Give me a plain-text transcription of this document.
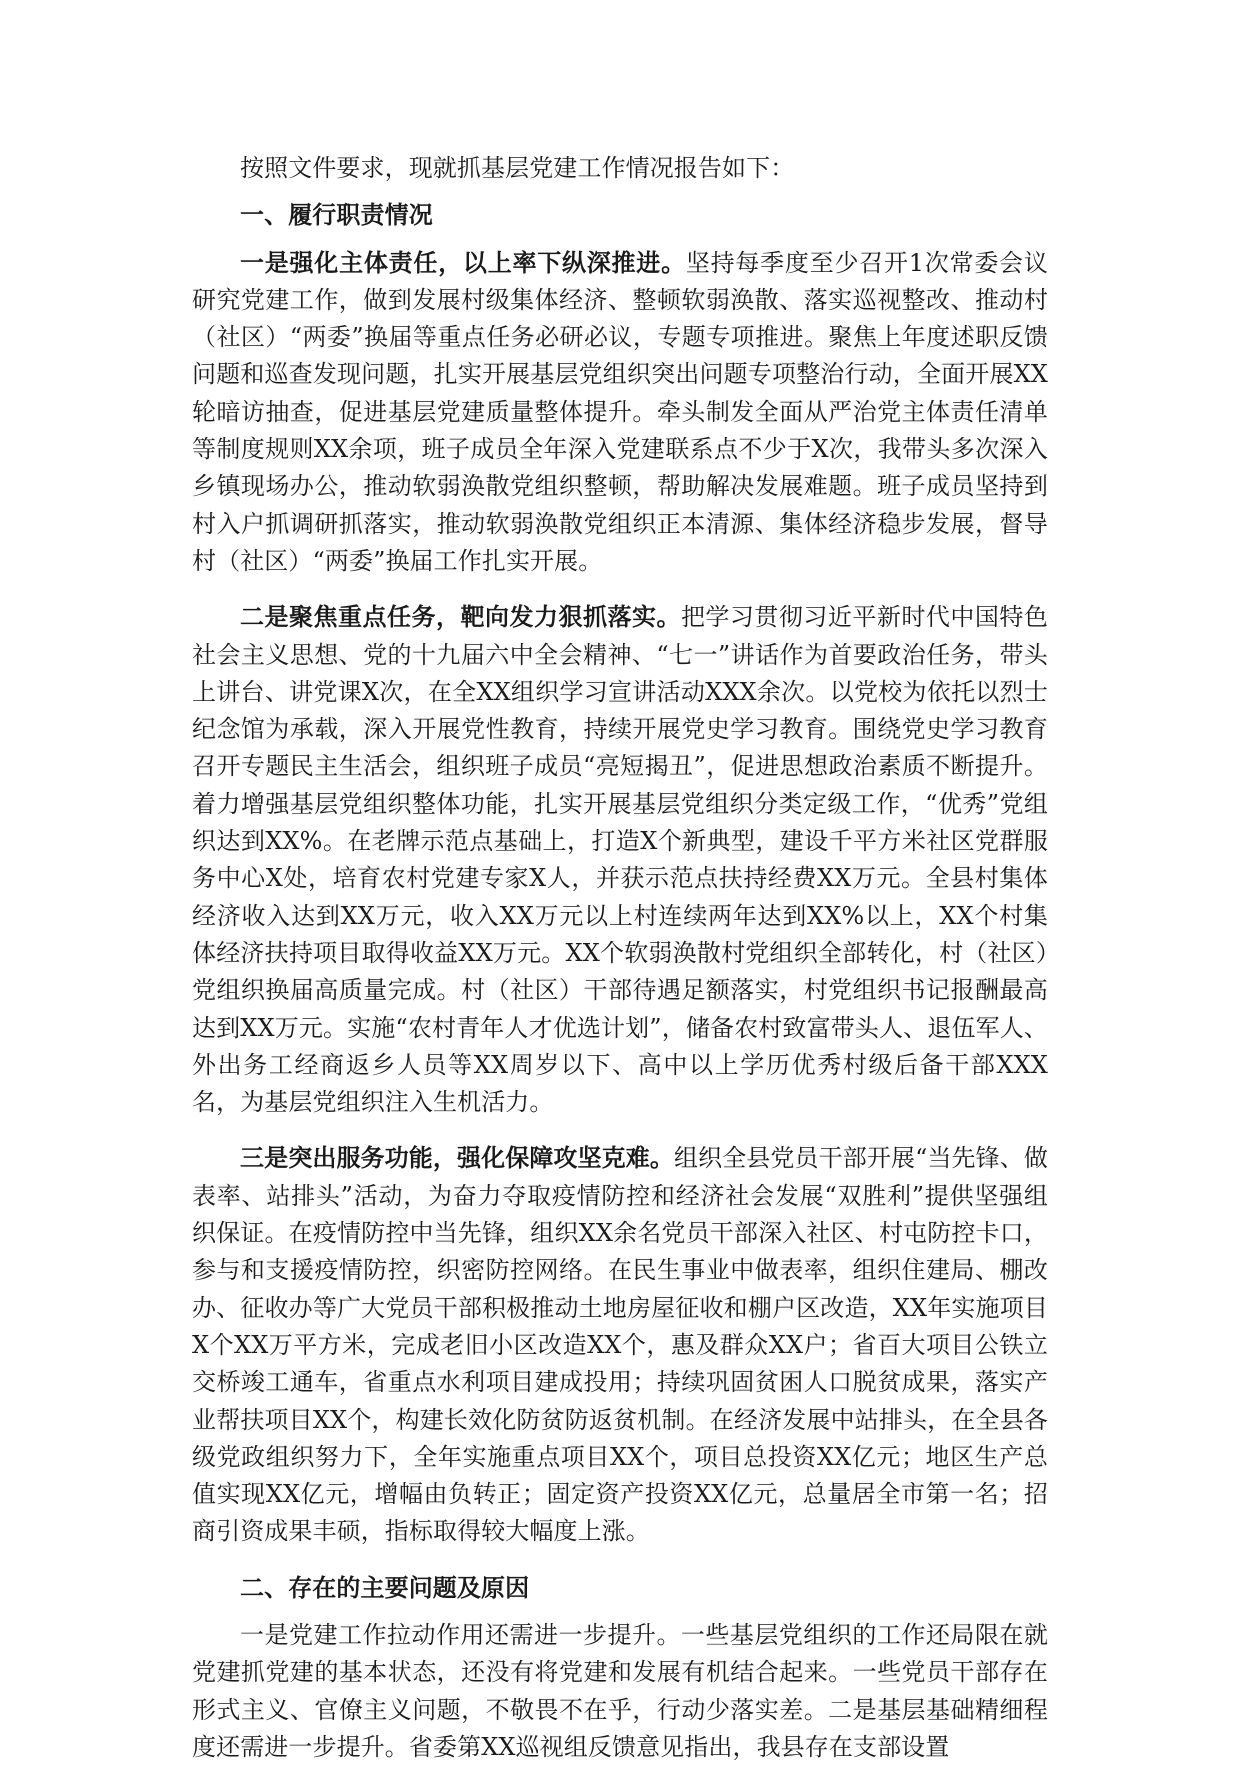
按照文件要求，现就抓基层党建工作情况报告如下：

一、履行职责情况

一是强化主体责任，以上率下纵深推进。坚持每季度至少召开1次常委会议研究党建工作，做到发展村级集体经济、整顿软弱涣散、落实巡视整改、推动村（社区）“两委”换届等重点任务必研必议，专题专项推进。聚焦上年度述职反馈问题和巡查发现问题，扎实开展基层党组织突出问题专项整治行动，全面开展XX轮暗访抽查，促进基层党建质量整体提升。牵头制发全面从严治党主体责任清单等制度规则XX余项，班子成员全年深入党建联系点不少于X次，我带头多次深入乡镇现场办公，推动软弱涣散党组织整顿，帮助解决发展难题。班子成员坚持到村入户抓调研抓落实，推动软弱涣散党组织正本清源、集体经济稳步发展，督导村（社区）“两委”换届工作扎实开展。

二是聚焦重点任务，靶向发力狠抓落实。把学习贯彻习近平新时代中国特色社会主义思想、党的十九届六中全会精神、“七一”讲话作为首要政治任务，带头上讲台、讲党课X次，在全XX组织学习宣讲活动XXX余次。以党校为依托以烈士纪念馆为承载，深入开展党性教育，持续开展党史学习教育。围绕党史学习教育召开专题民主生活会，组织班子成员“亮短揭丑”，促进思想政治素质不断提升。着力增强基层党组织整体功能，扎实开展基层党组织分类定级工作，“优秀”党组织达到XX%。在老牌示范点基础上，打造X个新典型，建设千平方米社区党群服务中心X处，培育农村党建专家X人，并获示范点扶持经费XX万元。全县村集体经济收入达到XX万元，收入XX万元以上村连续两年达到XX%以上，XX个村集体经济扶持项目取得收益XX万元。XX个软弱涣散村党组织全部转化，村（社区）党组织换届高质量完成。村（社区）干部待遇足额落实，村党组织书记报酬最高达到XX万元。实施“农村青年人才优选计划”，储备农村致富带头人、退伍军人、外出务工经商返乡人员等XX周岁以下、高中以上学历优秀村级后备干部XXX名，为基层党组织注入生机活力。

三是突出服务功能，强化保障攻坚克难。组织全县党员干部开展“当先锋、做表率、站排头”活动，为奋力夺取疫情防控和经济社会发展“双胜利”提供坚强组织保证。在疫情防控中当先锋，组织XX余名党员干部深入社区、村屯防控卡口，参与和支援疫情防控，织密防控网络。在民生事业中做表率，组织住建局、棚改办、征收办等广大党员干部积极推动土地房屋征收和棚户区改造，XX年实施项目X个XX万平方米，完成老旧小区改造XX个，惠及群众XX户；省百大项目公铁立交桥竣工通车，省重点水利项目建成投用；持续巩固贫困人口脱贫成果，落实产业帮扶项目XX个，构建长效化防贫防返贫机制。在经济发展中站排头，在全县各级党政组织努力下，全年实施重点项目XX个，项目总投资XX亿元；地区生产总值实现XX亿元，增幅由负转正；固定资产投资XX亿元，总量居全市第一名；招商引资成果丰硕，指标取得较大幅度上涨。

二、存在的主要问题及原因

一是党建工作拉动作用还需进一步提升。一些基层党组织的工作还局限在就党建抓党建的基本状态，还没有将党建和发展有机结合起来。一些党员干部存在形式主义、官僚主义问题，不敬畏不在乎，行动少落实差。二是基层基础精细程度还需进一步提升。省委第XX巡视组反馈意见指出，我县存在支部设置
